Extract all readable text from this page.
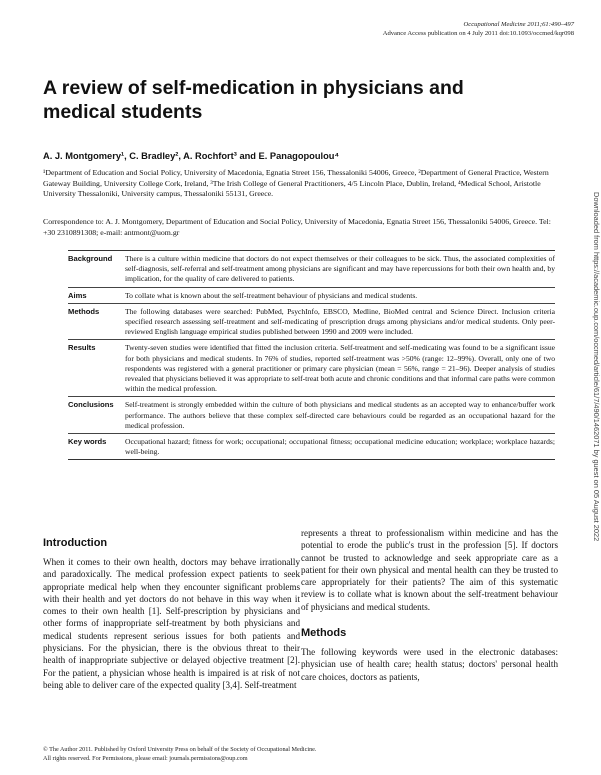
Occupational Medicine 2011;61:490–497
Advance Access publication on 4 July 2011 doi:10.1093/occmed/kqr098
A review of self-medication in physicians and medical students
A. J. Montgomery¹, C. Bradley², A. Rochfort³ and E. Panagopoulou⁴
¹Department of Education and Social Policy, University of Macedonia, Egnatia Street 156, Thessaloniki 54006, Greece, ²Department of General Practice, Western Gateway Building, University College Cork, Ireland, ³The Irish College of General Practitioners, 4/5 Lincoln Place, Dublin, Ireland, ⁴Medical School, Aristotle University Thessaloniki, University campus, Thessaloniki 55131, Greece.
Correspondence to: A. J. Montgomery, Department of Education and Social Policy, University of Macedonia, Egnatia Street 156, Thessaloniki 54006, Greece. Tel: +30 2310891308; e-mail: antmont@uom.gr
Background	There is a culture within medicine that doctors do not expect themselves or their colleagues to be sick. Thus, the associated complexities of self-diagnosis, self-referral and self-treatment among physicians are significant and may have repercussions for both their own health and, by implication, for the quality of care delivered to patients.
Aims	To collate what is known about the self-treatment behaviour of physicians and medical students.
Methods	The following databases were searched: PubMed, PsychInfo, EBSCO, Medline, BioMed central and Science Direct. Inclusion criteria specified research assessing self-treatment and self-medicating of prescription drugs among physicians and/or medical students. Only peer-reviewed English language empirical studies published between 1990 and 2009 were included.
Results	Twenty-seven studies were identified that fitted the inclusion criteria. Self-treatment and self-medicating was found to be a significant issue for both physicians and medical students. In 76% of studies, reported self-treatment was >50% (range: 12–99%). Overall, only one of two respondents was registered with a general practitioner or primary care physician (mean = 56%, range = 21–96). Deeper analysis of studies revealed that physicians believed it was appropriate to self-treat both acute and chronic conditions and that informal care paths were common within the medical profession.
Conclusions	Self-treatment is strongly embedded within the culture of both physicians and medical students as an accepted way to enhance/buffer work performance. The authors believe that these complex self-directed care behaviours could be regarded as an occupational hazard for the medical profession.
Key words	Occupational hazard; fitness for work; occupational; occupational fitness; occupational medicine education; workplace; workplace hazards; well-being.
Introduction

When it comes to their own health, doctors may behave irrationally and paradoxically. The medical profession expect patients to seek appropriate medical help when they encounter significant problems with their health and yet doctors do not behave in this way when it comes to their own health [1]. Self-prescription by physicians and other forms of inappropriate self-treatment by both physicians and medical students represent serious issues for both patients and physicians. For the physician, there is the obvious threat to their health of inappropriate subjective or delayed objective treatment [2]. For the patient, a physician whose health is impaired is at risk of not being able to deliver care of the expected quality [3,4]. Self-treatment

represents a threat to professionalism within medicine and has the potential to erode the public's trust in the profession [5]. If doctors cannot be trusted to acknowledge and seek appropriate care as a patient for their own physical and mental health can they be trusted to care appropriately for their patients? The aim of this systematic review is to collate what is known about the self-treatment behaviour of physicians and medical students.

Methods

The following keywords were used in the electronic databases: physician use of health care; health status; doctors' personal health care choices, doctors as patients,

© The Author 2011. Published by Oxford University Press on behalf of the Society of Occupational Medicine.
All rights reserved. For Permissions, please email: journals.permissions@oup.com
Downloaded from https://academic.oup.com/occmed/article/61/7/490/1462071 by guest on 05 August 2022
